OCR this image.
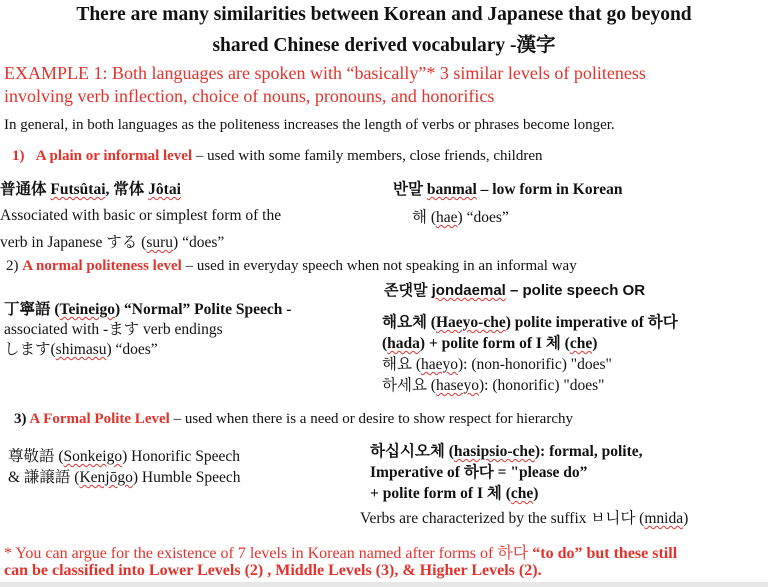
There are many similarities between Korean and Japanese that go beyond
shared Chinese derived vocabulary -漢字
EXAMPLE 1: Both languages are spoken with “basically”* 3 similar levels of politeness
involving verb inflection, choice of nouns, pronouns, and honorifics
In general, in both languages as the politeness increases the length of verbs or phrases become longer.
1) A plain or informal level – used with some family members, close friends, children
普通体 Futsûtai, 常体 Jôtai
Associated with basic or simplest form of the
verb in Japanese する (suru) “does”
반말 banmal – low form in Korean
해 (hae) “does”
2) A normal politeness level – used in everyday speech when not speaking in an informal way
존댓말 jondaemal – polite speech OR
丁寧語 (Teineigo) “Normal” Polite Speech -
associated with -ます verb endings
します(shimasu) “does”
해요체 (Haeyo-che) polite imperative of 하다
(hada) + polite form of I 체 (che)
해요 (haeyo): (non-honorific) "does"
하세요 (haseyo): (honorific) "does"
3) A Formal Polite Level – used when there is a need or desire to show respect for hierarchy
尊敬語 (Sonkeigo) Honorific Speech
& 謙譲語 (Kenjōgo) Humble Speech
하십시오체 (hasipsio-che): formal, polite,
Imperative of 하다 = "please do”
+ polite form of I 체 (che)
Verbs are characterized by the suffix ㅂ니다 (mnida)
* You can argue for the existence of 7 levels in Korean named after forms of 하다 “to do” but these still
can be classified into Lower Levels (2) , Middle Levels (3), & Higher Levels (2).
